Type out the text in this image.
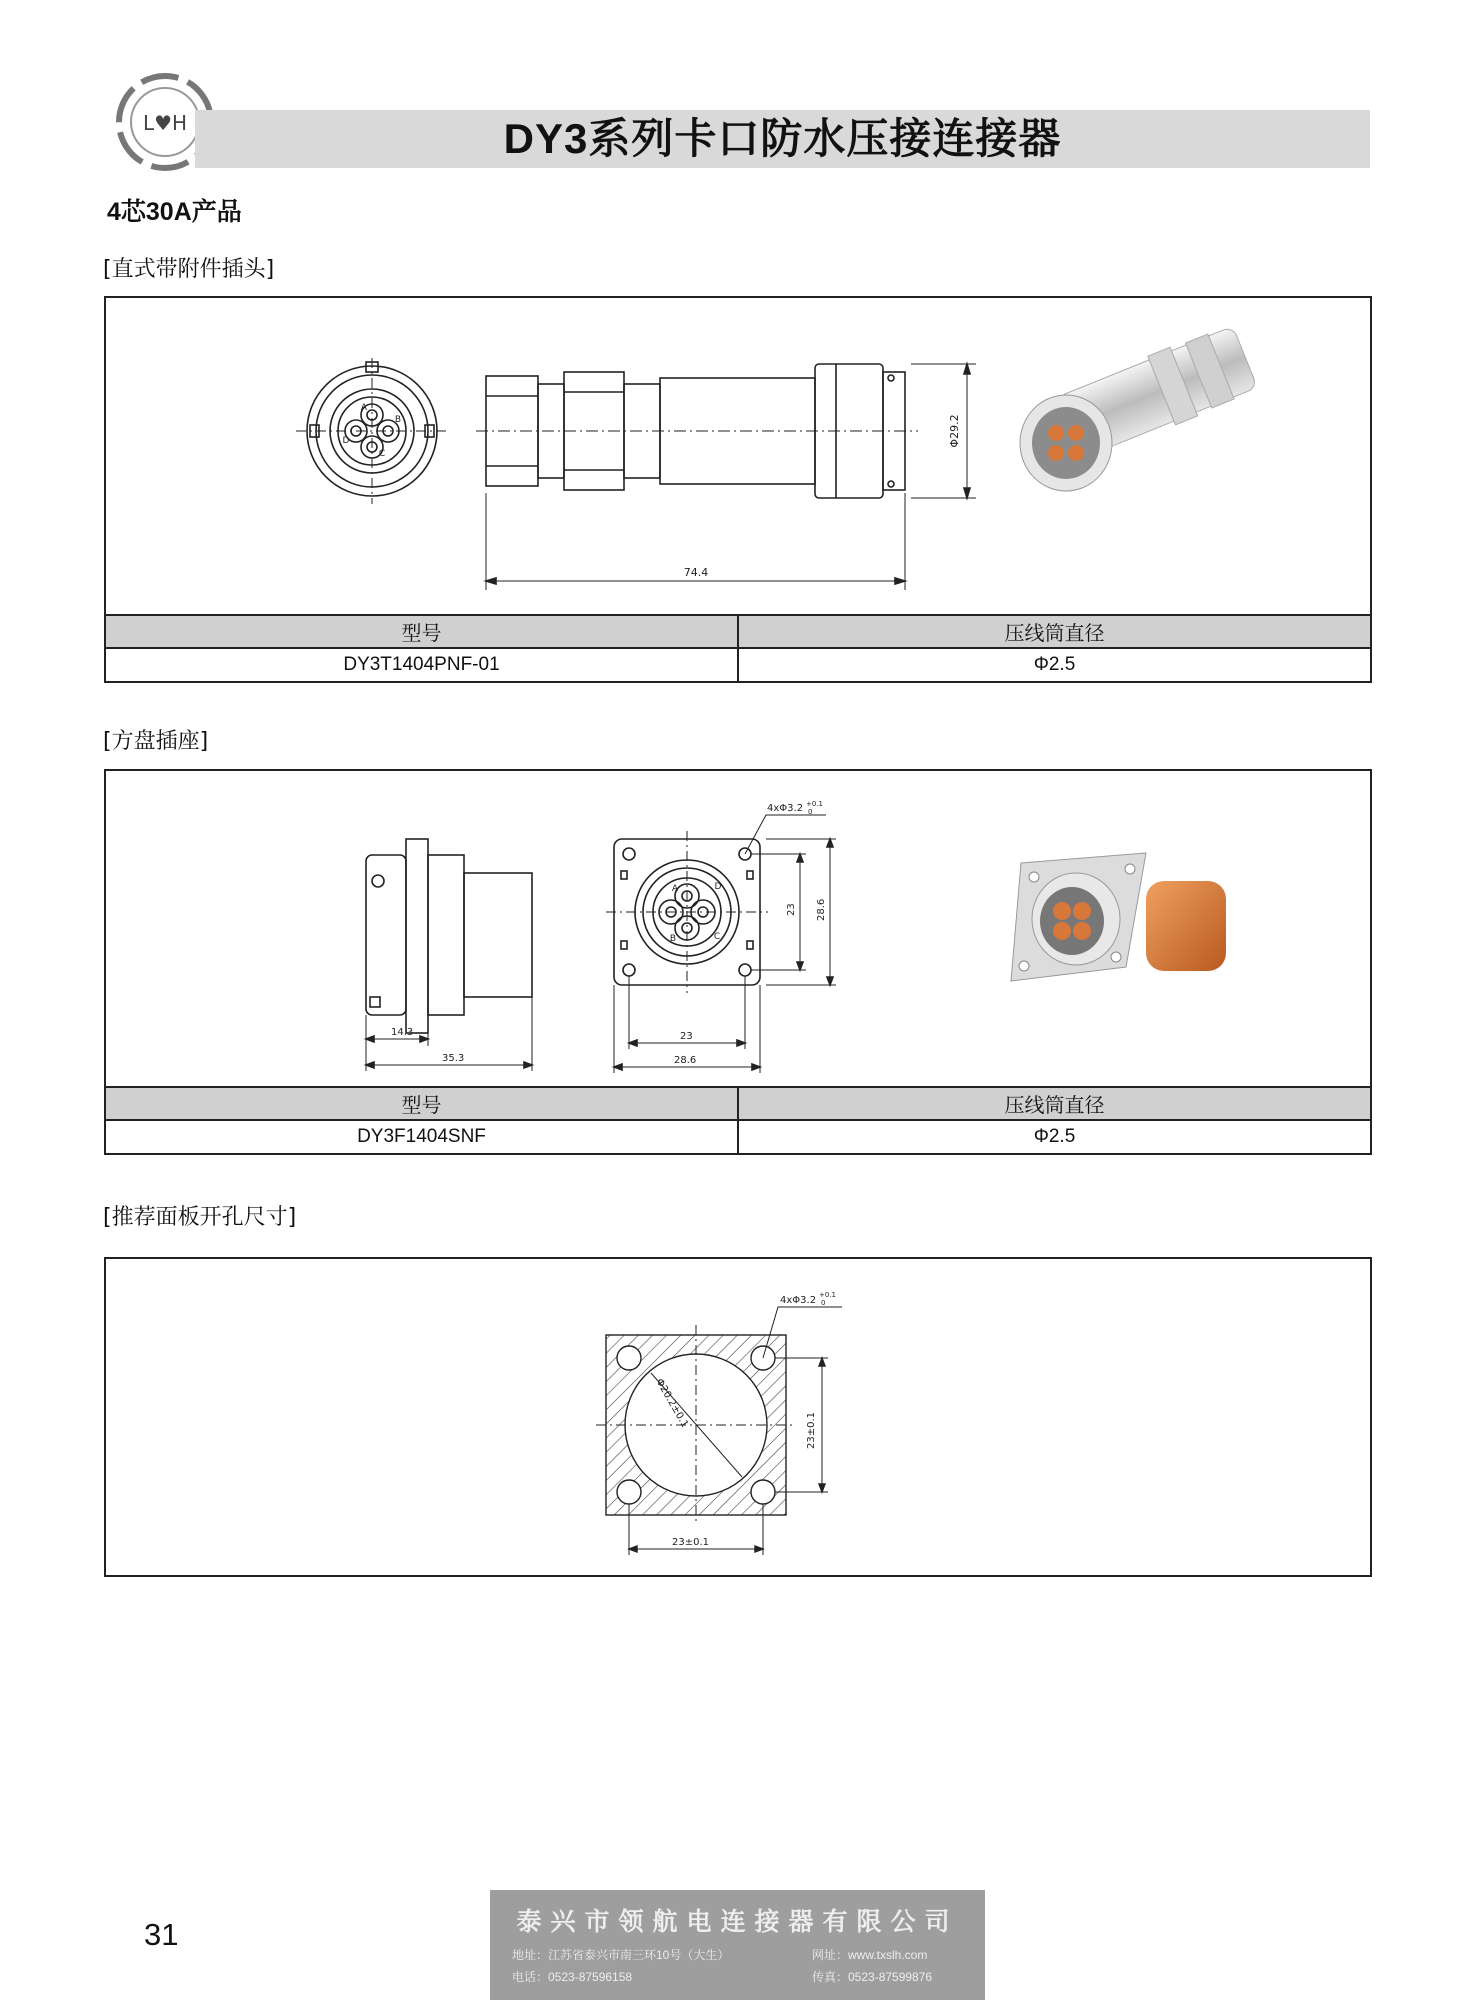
L♥H	DY3系列卡口防水压接连接器
4芯30A产品
[直式带附件插头]
A
B
C
D
74.4
Φ29.2
型号	压线筒直径
DY3T1404PNF-01	Φ2.5
[方盘插座]
A
B	C
D
4xΦ3.2 +0.1
0
14.3
35.3
23
28.6
23 28.6
型号	压线筒直径
DY3F1404SNF	Φ2.5
[推荐面板开孔尺寸]
4xΦ3.2 +0.1
0
Φ20.2±0.1
23±0.1
23±0.1
31	泰兴市领航电连接器有限公司
地址：江苏省泰兴市南三环10号（大生）	网址：www.txslh.com
电话：0523-87596158	传真：0523-87599876
